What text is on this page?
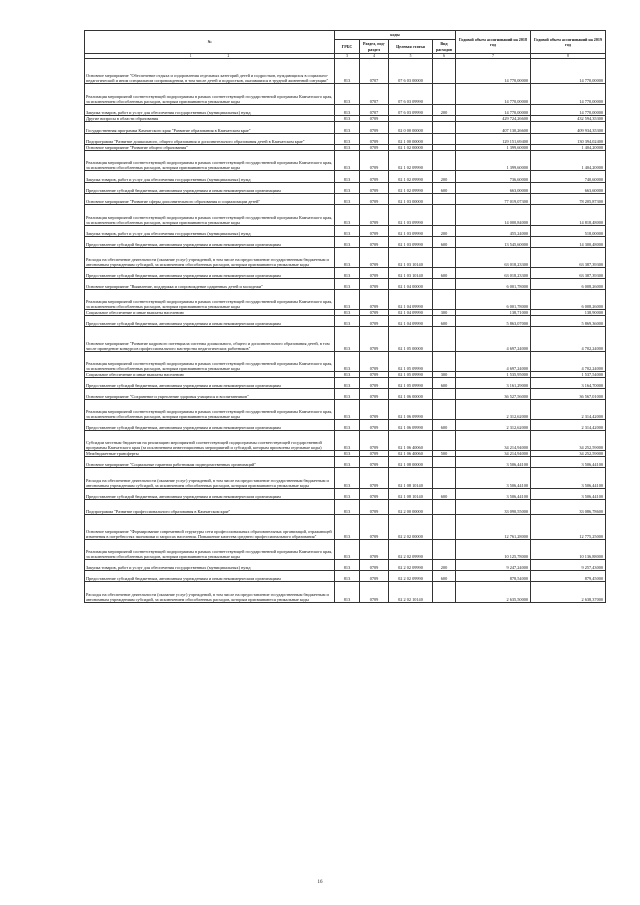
№	коды				Годовой объем ассигнований на 2018 год	Годовой объем ассигнований на 2019 год
	ГРБС	Раздел, под-раздел	Целевая статья	Вид расходов		
1 2	3	4	5	6	7	8
Основное мероприятие "Обеспечение отдыха и оздоровления отдельных категорий детей и подростков, нуждающихся в социально-педагогической и ином специальном сопровождении, в том числе детей и подростков, оказавшихся в трудной жизненной ситуации"	813	0707	07 6 03 00000		14 770,00000	14 770,00000
Реализация мероприятий соответствующей подпрограммы в рамках соответствующей государственной программы Камчатского края, за исключением обособленных расходов, которым присваиваются уникальные коды	813	0707	07 6 03 09990		14 770,00000	14 770,00000
Закупка товаров, работ и услуг для обеспечения государственных (муниципальных) нужд	813	0707	07 6 03 09990	200	14 770,00000	14 770,00000
Другие вопросы в области образования	813	0709			429 724,26600	432 594,35300
Государственная программа Камчатского края "Развитие образования в Камчатском крае"	813	0709	02 0 00 00000		407 130,26600	409 934,35300
Подпрограмма "Развитие дошкольного, общего образования и дополнительного образования детей в Камчатском крае"	813	0709	02 1 00 00000		129 151,69400	130 394,02400
Основное мероприятие "Развитие общего образования"	813	0709	02 1 02 00000		1 399,60000	1 404,20000
Реализация мероприятий соответствующей подпрограммы в рамках соответствующей государственной программы Камчатского края, за исключением обособленных расходов, которым присваиваются уникальные коды	813	0709	02 1 02 09990		1 399,60000	1 404,20000
Закупка товаров, работ и услуг для обеспечения государственных (муниципальных) нужд	813	0709	02 1 02 09990	200	736,60000	740,60000
Предоставление субсидий бюджетным, автономным учреждениям и иным некоммерческим организациям	813	0709	02 1 02 09990	600	663,00000	663,60000
Основное мероприятие "Развитие сферы дополнительного образования и социализации детей"	813	0709	02 1 03 00000		77 019,07300	78 205,87300
Реализация мероприятий соответствующей подпрограммы в рамках соответствующей государственной программы Камчатского края, за исключением обособленных расходов, которым присваиваются уникальные коды	813	0709	02 1 03 09990		14 000,84000	14 818,48000
Закупка товаров, работ и услуг для обеспечения государственных (муниципальных) нужд	813	0709	02 1 03 09990	200	455,24000	518,00000
Предоставление субсидий бюджетным, автономным учреждениям и иным некоммерческим организациям	813	0709	02 1 03 09990	600	13 545,60000	14 300,48000
Расходы на обеспечение деятельности (оказание услуг) учреждений, в том числе на предоставление государственным бюджетным и автономным учреждениям субсидий, за исключением обособленных расходов, которым присваиваются уникальные коды	813	0709	02 1 03 10140		63 018,23300	63 387,39300
Предоставление субсидий бюджетным, автономным учреждениям и иным некоммерческим организациям	813	0709	02 1 03 10140	600	63 018,23300	63 387,39300
Основное мероприятие "Выявление, поддержка и сопровождение одаренных детей и молодежи"	813	0709	02 1 04 00000		6 001,78000	6 008,26000
Реализация мероприятий соответствующей подпрограммы в рамках соответствующей государственной программы Камчатского края, за исключением обособленных расходов, которым присваиваются уникальные коды	813	0709	02 1 04 09990		6 001,78000	6 008,26000
Социальное обеспечение и иные выплаты населению	813	0709	02 1 04 09990	300	138,71000	138,90000
Предоставление субсидий бюджетным, автономным учреждениям и иным некоммерческим организациям	813	0709	02 1 04 09990	600	5 863,07000	5 869,36000
Основное мероприятие "Развитие кадрового потенциала системы дошкольного, общего и дополнительного образования детей, в том числе проведение конкурсов профессионального мастерства педагогических работников"	813	0709	02 1 05 00000		4 697,24000	4 702,24000
Реализация мероприятий соответствующей подпрограммы в рамках соответствующей государственной программы Камчатского края, за исключением обособленных расходов, которым присваиваются уникальные коды	813	0709	02 1 05 09990		4 697,24000	4 702,24000
Социальное обеспечение и иные выплаты населению	813	0709	02 1 05 09990	300	1 535,95000	1 537,54000
Предоставление субсидий бюджетным, автономным учреждениям и иным некоммерческим организациям	813	0709	02 1 05 09990	600	3 161,29000	3 164,70000
Основное мероприятие "Сохранение и укрепление здоровья учащихся и воспитанников"	813	0709	02 1 06 00000		36 527,56000	36 567,01000
Реализация мероприятий соответствующей подпрограммы в рамках соответствующей государственной программы Камчатского края, за исключением обособленных расходов, которым присваиваются уникальные коды	813	0709	02 1 06 09990		2 312,62000	2 314,42000
Предоставление субсидий бюджетным, автономным учреждениям и иным некоммерческим организациям	813	0709	02 1 06 09990	600	2 312,62000	2 314,42000
Субсидии местным бюджетам на реализацию мероприятий соответствующей подпрограммы соответствующей государственной программы Камчатского края (за исключением инвестиционных мероприятий и субсидий, которым присвоены отдельные коды)	813	0709	02 1 06 40060		34 214,94000	34 252,59000
Межбюджетные трансферты	813	0709	02 1 06 40060	500	34 214,94000	34 252,59000
Основное мероприятие "Социальные гарантии работникам подведомственных организаций"	813	0709	02 1 08 00000		3 506,44100	3 506,44100
Расходы на обеспечение деятельности (оказание услуг) учреждений, в том числе на предоставление государственным бюджетным и автономным учреждениям субсидий, за исключением обособленных расходов, которым присваиваются уникальные коды	813	0709	02 1 08 10140		3 506,44100	3 506,44100
Предоставление субсидий бюджетным, автономным учреждениям и иным некоммерческим организациям	813	0709	02 1 08 10140	600	3 506,44100	3 506,44100
Подпрограмма "Развитие профессионального образования в Камчатском крае"	813	0709	02 2 00 00000		33 090,55000	33 086,78600
Основное мероприятие "Формирование современной структуры сети профессиональных образовательных организаций, отражающей изменения в потребностях экономики и запросах населения. Повышение качества среднего профессионального образования"	813	0709	02 2 02 00000		12 761,28000	12 775,25000
Реализация мероприятий соответствующей подпрограммы в рамках соответствующей государственной программы Камчатского края, за исключением обособленных расходов, которым присваиваются уникальные коды	813	0709	02 2 02 09990		10 125,78000	10 136,88000
Закупка товаров, работ и услуг для обеспечения государственных (муниципальных) нужд	813	0709	02 2 02 09990	200	9 247,24000	9 257,43000
Предоставление субсидий бюджетным, автономным учреждениям и иным некоммерческим организациям	813	0709	02 2 02 09990	600	878,54000	879,45000
Расходы на обеспечение деятельности (оказание услуг) учреждений, в том числе на предоставление государственным бюджетным и автономным учреждениям субсидий, за исключением обособленных расходов, которым присваиваются уникальные коды	813	0709	02 2 02 10140		2 635,50000	2 638,37000
16
